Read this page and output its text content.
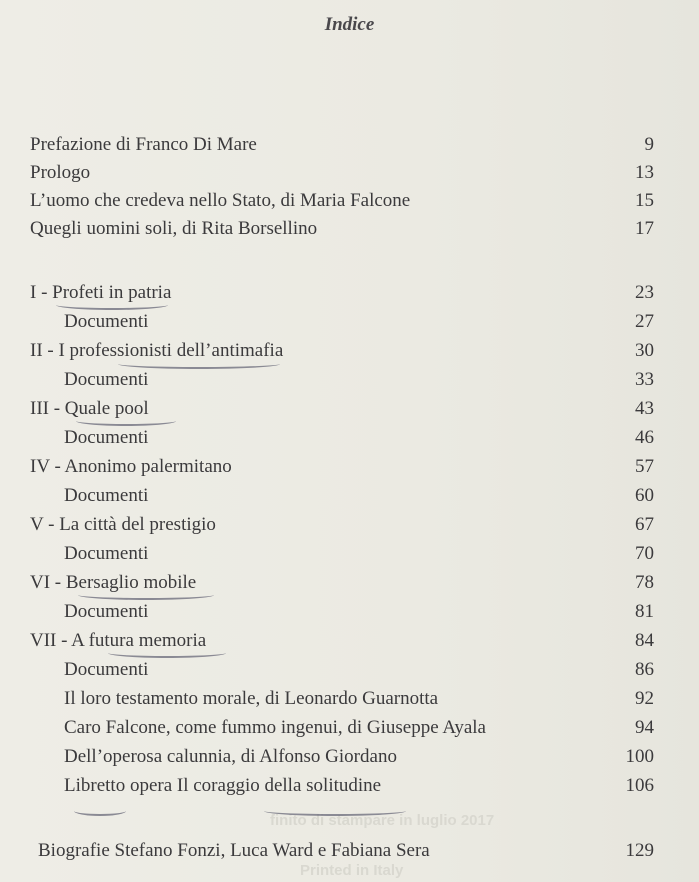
Indice
finito di stampare in luglio 2017
Printed in Italy
Prefazione di Franco Di Mare	9
Prologo	13
L’uomo che credeva nello Stato, di Maria Falcone	15
Quegli uomini soli, di Rita Borsellino	17
I - Profeti in patria	23
Documenti	27
II - I professionisti dell’antimafia	30
Documenti	33
III - Quale pool	43
Documenti	46
IV - Anonimo palermitano	57
Documenti	60
V - La città del prestigio	67
Documenti	70
VI - Bersaglio mobile	78
Documenti	81
VII - A futura memoria	84
Documenti	86
Il loro testamento morale, di Leonardo Guarnotta	92
Caro Falcone, come fummo ingenui, di Giuseppe Ayala	94
Dell’operosa calunnia, di Alfonso Giordano	100
Libretto opera Il coraggio della solitudine	106
Biografie Stefano Fonzi, Luca Ward e Fabiana Sera	129
